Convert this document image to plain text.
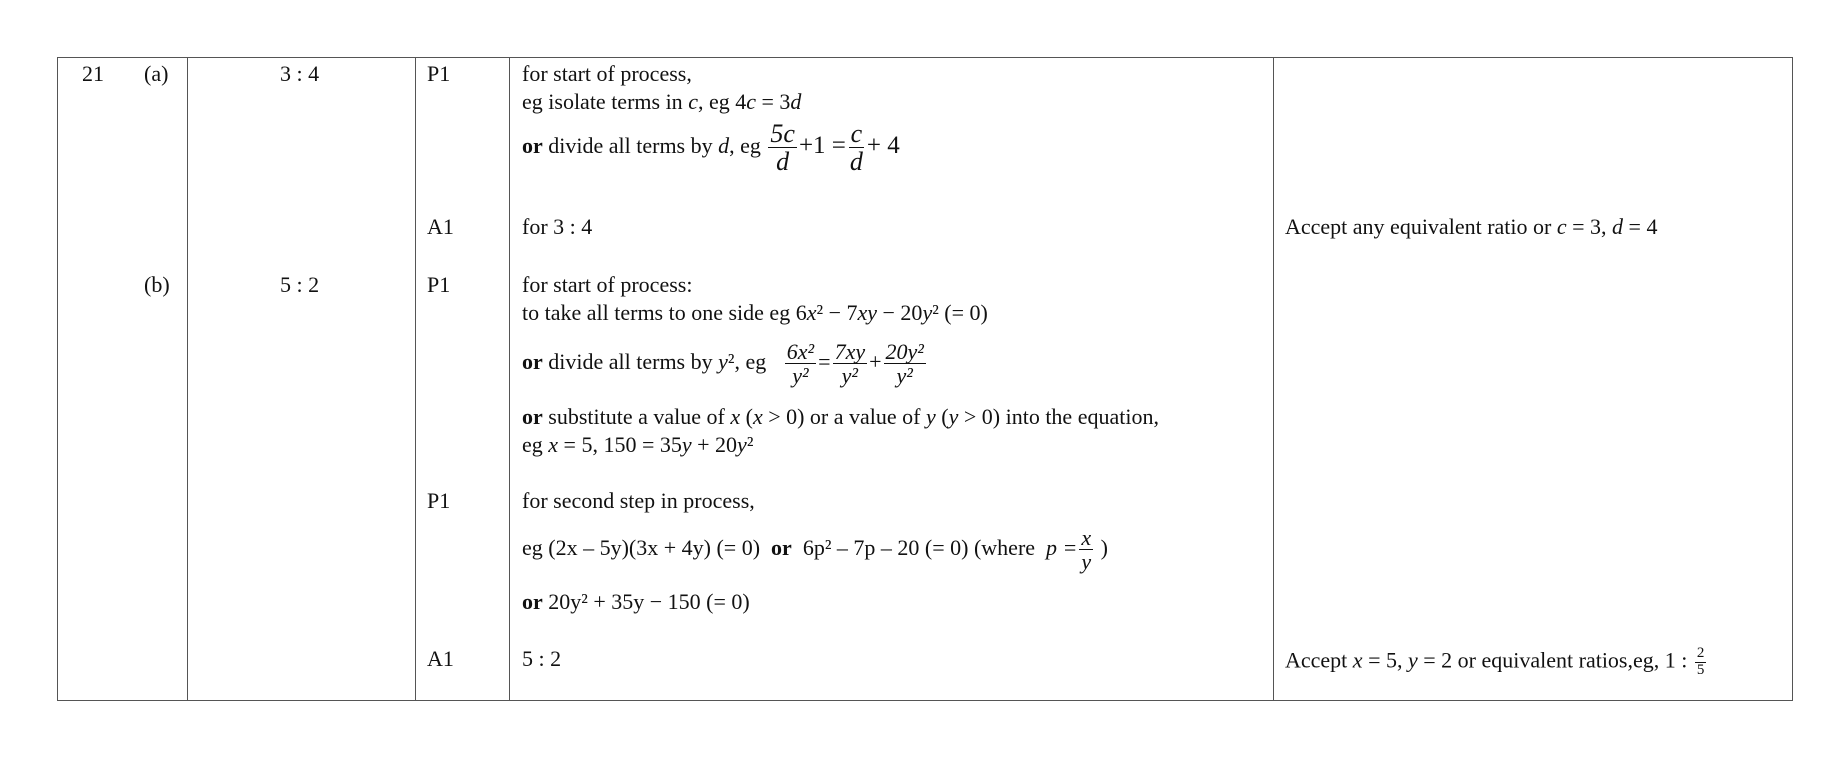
21 (a)	3 : 4	P1	for start of process,
eg isolate terms in c, eg 4c = 3d
or divide all terms by d, eg $\frac{5c}{d} +1 = \frac{c}{d} + 4$
A1	for 3 : 4	Accept any equivalent ratio or c = 3, d = 4
(b)	5 : 2	P1	for start of process:
to take all terms to one side eg 6x² − 7xy − 20y² (= 0)
or divide all terms by y², eg $\frac{\text{6x²}}{\text{y²}} = \frac{7xy}{\text{y²}} + \frac{\text{20y²}}{\text{y²}}$
or substitute a value of x (x > 0) or a value of y (y > 0) into the equation,
eg x = 5, 150 = 35y + 20y²
P1	for second step in process,
eg (2x – 5y)(3x + 4y) (= 0) or 6p² – 7p – 20 (= 0) (where $p = \frac{x}{y}$ )
or 20y² + 35y − 150 (= 0)
A1	5 : 2	Accept x = 5, y = 2 or equivalent ratios,eg, 1 : $\frac{2}{5}$
